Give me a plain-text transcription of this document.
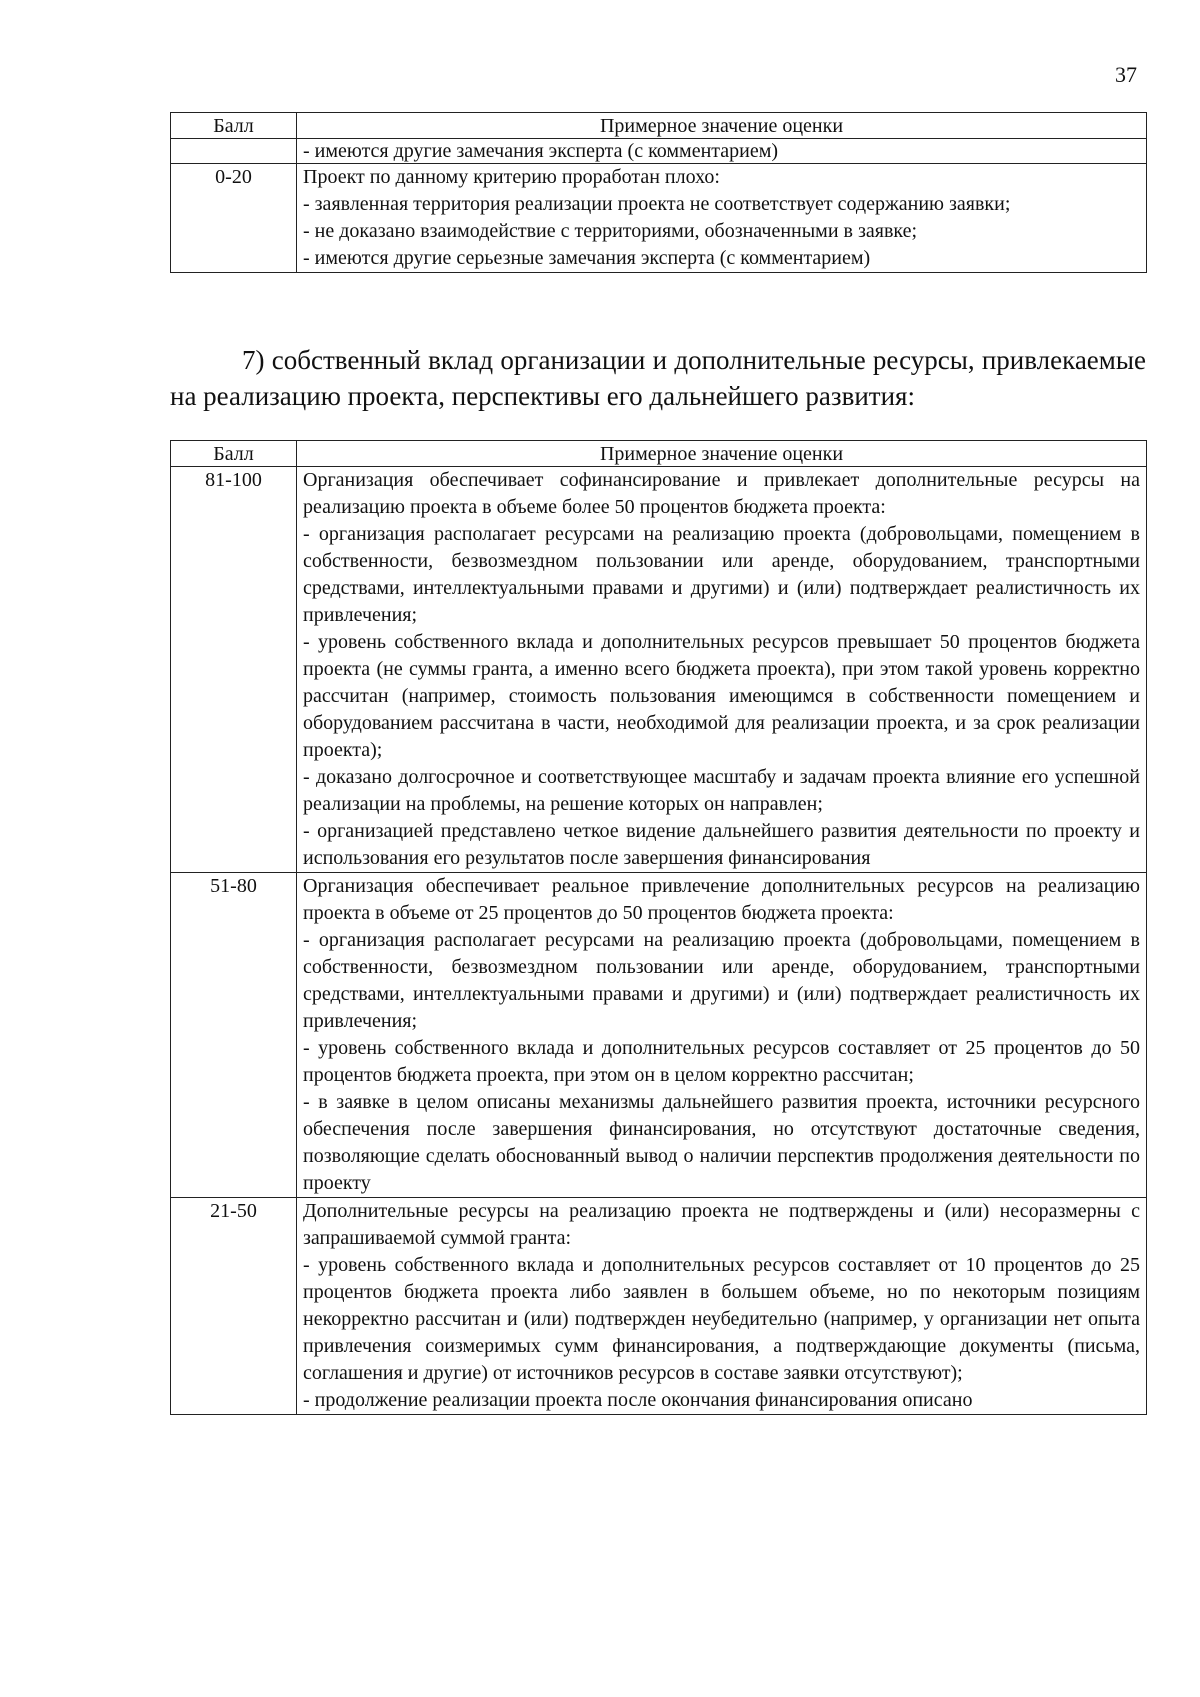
37
Балл	Примерное значение оценки

	- имеются другие замечания эксперта (с комментарием)

0-20	Проект по данному критерию проработан плохо:
- заявленная территория реализации проекта не соответствует содержанию заявки;
- не доказано взаимодействие с территориями, обозначенными в заявке;
- имеются другие серьезные замечания эксперта (с комментарием)
7) собственный вклад организации и дополнительные ресурсы, привлекаемые на реализацию проекта, перспективы его дальнейшего развития:
Балл	Примерное значение оценки
81-100	Организация обеспечивает софинансирование и привлекает дополнительные ресурсы на реализацию проекта в объеме более 50 процентов бюджета проекта:
- организация располагает ресурсами на реализацию проекта (добровольцами, помещением в собственности, безвозмездном пользовании или аренде, оборудованием, транспортными средствами, интеллектуальными правами и другими) и (или) подтверждает реалистичность их привлечения;
- уровень собственного вклада и дополнительных ресурсов превышает 50 процентов бюджета проекта (не суммы гранта, а именно всего бюджета проекта), при этом такой уровень корректно рассчитан (например, стоимость пользования имеющимся в собственности помещением и оборудованием рассчитана в части, необходимой для реализации проекта, и за срок реализации проекта);
- доказано долгосрочное и соответствующее масштабу и задачам проекта влияние его успешной реализации на проблемы, на решение которых он направлен;
- организацией представлено четкое видение дальнейшего развития деятельности по проекту и использования его результатов после завершения финансирования

51-80	Организация обеспечивает реальное привлечение дополнительных ресурсов на реализацию проекта в объеме от 25 процентов до 50 процентов бюджета проекта:
- организация располагает ресурсами на реализацию проекта (добровольцами, помещением в собственности, безвозмездном пользовании или аренде, оборудованием, транспортными средствами, интеллектуальными правами и другими) и (или) подтверждает реалистичность их привлечения;
- уровень собственного вклада и дополнительных ресурсов составляет от 25 процентов до 50 процентов бюджета проекта, при этом он в целом корректно рассчитан;
- в заявке в целом описаны механизмы дальнейшего развития проекта, источники ресурсного обеспечения после завершения финансирования, но отсутствуют достаточные сведения, позволяющие сделать обоснованный вывод о наличии перспектив продолжения деятельности по проекту

21-50	Дополнительные ресурсы на реализацию проекта не подтверждены и (или) несоразмерны с запрашиваемой суммой гранта:
- уровень собственного вклада и дополнительных ресурсов составляет от 10 процентов до 25 процентов бюджета проекта либо заявлен в большем объеме, но по некоторым позициям некорректно рассчитан и (или) подтвержден неубедительно (например, у организации нет опыта привлечения соизмеримых сумм финансирования, а подтверждающие документы (письма, соглашения и другие) от источников ресурсов в составе заявки отсутствуют);
- продолжение реализации проекта после окончания финансирования описано
